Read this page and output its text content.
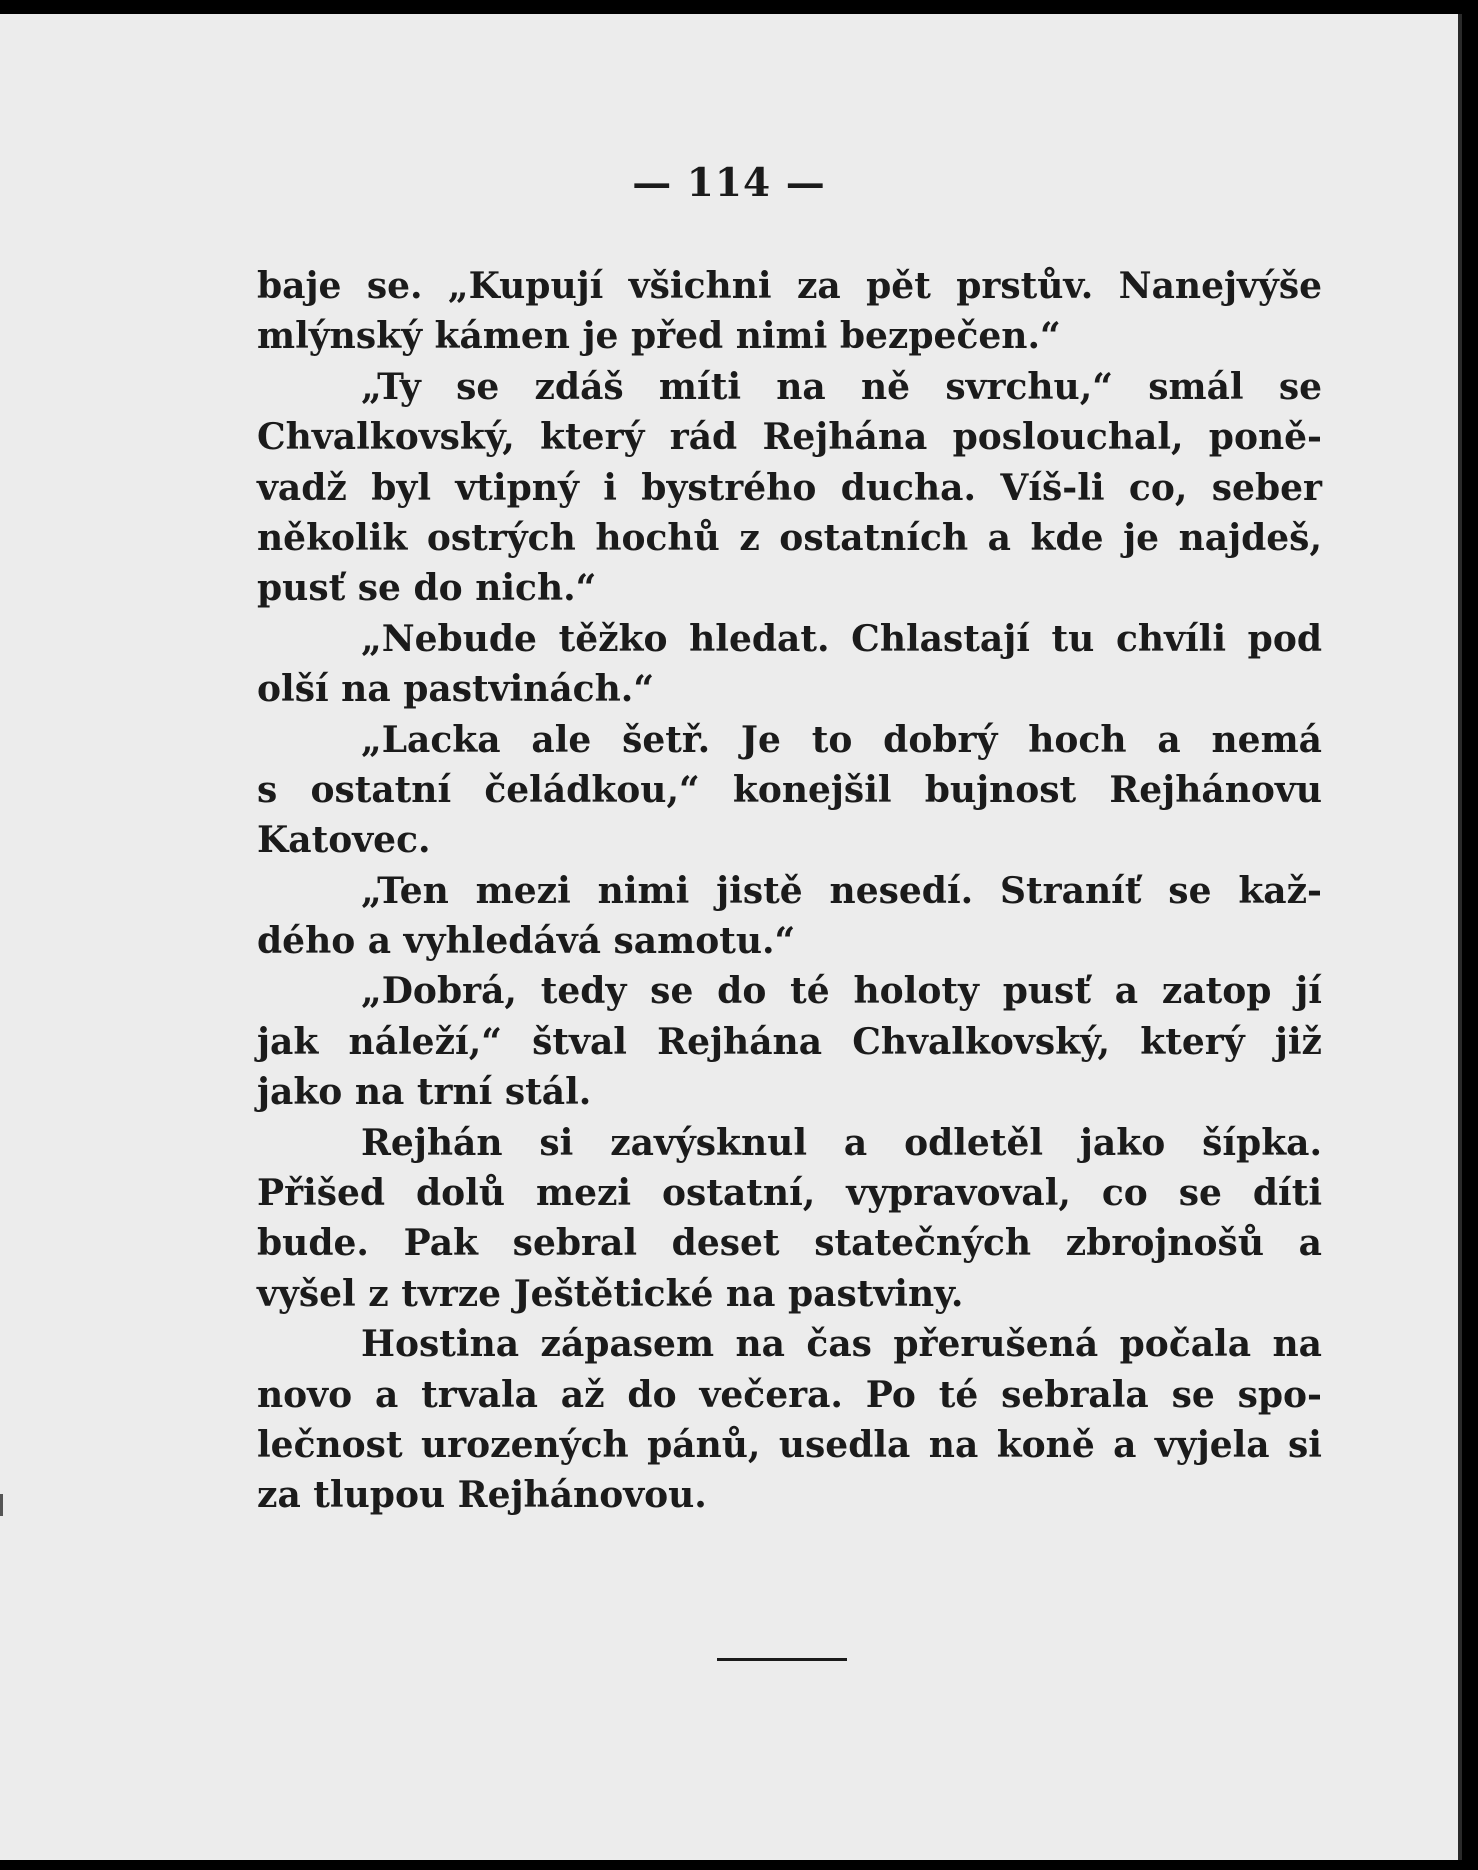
— 114 —
baje se. „Kupují všichni za pět prstův. Nanejvýše
mlýnský kámen je před nimi bezpečen.“
„Ty se zdáš míti na ně svrchu,“ smál se
Chvalkovský, který rád Rejhána poslouchal, poně-
vadž byl vtipný i bystrého ducha. Víš-li co, seber
několik ostrých hochů z ostatních a kde je najdeš,
pusť se do nich.“
„Nebude těžko hledat. Chlastají tu chvíli pod
olší na pastvinách.“
„Lacka ale šetř. Je to dobrý hoch a nemá
s ostatní čeládkou,“ konejšil bujnost Rejhánovu
Katovec.
„Ten mezi nimi jistě nesedí. Straníť se kaž-
dého a vyhledává samotu.“
„Dobrá, tedy se do té holoty pusť a zatop jí
jak náleží,“ štval Rejhána Chvalkovský, který již
jako na trní stál.
Rejhán si zavýsknul a odletěl jako šípka.
Přišed dolů mezi ostatní, vypravoval, co se díti
bude. Pak sebral deset statečných zbrojnošů a
vyšel z tvrze Ještětické na pastviny.
Hostina zápasem na čas přerušená počala na
novo a trvala až do večera. Po té sebrala se spo-
lečnost urozených pánů, usedla na koně a vyjela si
za tlupou Rejhánovou.
